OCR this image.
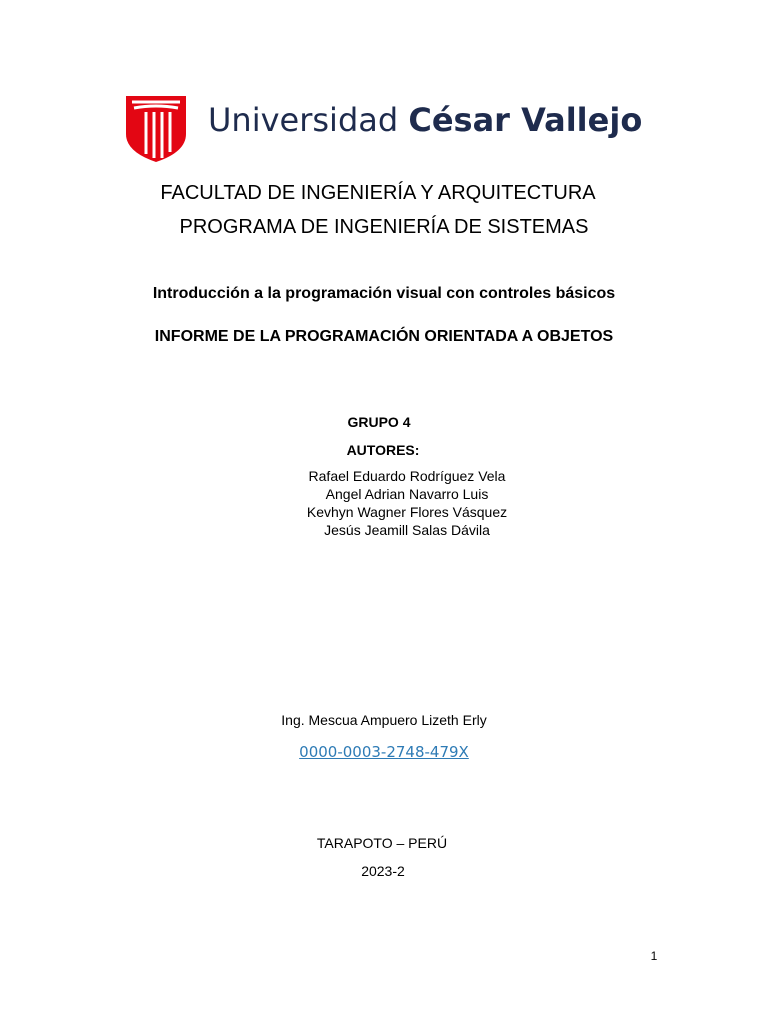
Universidad César Vallejo
FACULTAD DE INGENIERÍA Y ARQUITECTURA
PROGRAMA DE INGENIERÍA DE SISTEMAS
Introducción a la programación visual con controles básicos
INFORME DE LA PROGRAMACIÓN ORIENTADA A OBJETOS
GRUPO 4
AUTORES:
Rafael Eduardo Rodríguez Vela
Angel Adrian Navarro Luis
Kevhyn Wagner Flores Vásquez
Jesús Jeamill Salas Dávila
Ing. Mescua Ampuero Lizeth Erly
0000-0003-2748-479X
TARAPOTO – PERÚ
2023-2
1
